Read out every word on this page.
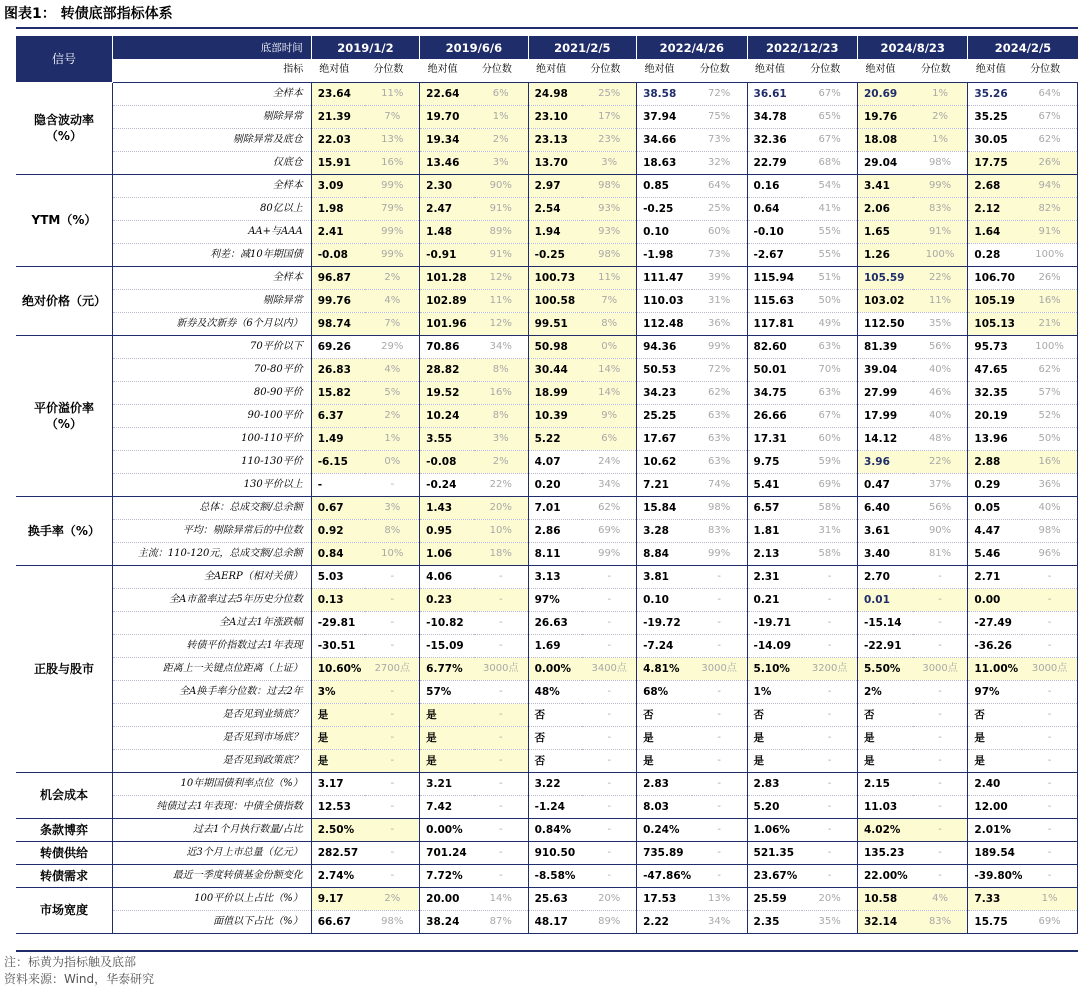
图表1： 转债底部指标体系
信号	底部时间	2019/1/2		2019/6/6		2021/2/5		2022/4/26		2022/12/23		2024/8/23		2024/2/5	
	指标	绝对值	分位数	绝对值	分位数	绝对值	分位数	绝对值	分位数	绝对值	分位数	绝对值	分位数	绝对值	分位数
隐含波动率（%）	全样本	23.64	11%	22.64	6%	24.98	25%	38.58	72%	36.61	67%	20.69	1%	35.26	64%
	剔除异常	21.39	7%	19.70	1%	23.10	17%	37.94	75%	34.78	65%	19.76	2%	35.25	67%
	剔除异常及底仓	22.03	13%	19.34	2%	23.13	23%	34.66	73%	32.36	67%	18.08	1%	30.05	62%
	仅底仓	15.91	16%	13.46	3%	13.70	3%	18.63	32%	22.79	68%	29.04	98%	17.75	26%
YTM（%）	全样本	3.09	99%	2.30	90%	2.97	98%	0.85	64%	0.16	54%	3.41	99%	2.68	94%
	80亿以上	1.98	79%	2.47	91%	2.54	93%	-0.25	25%	0.64	41%	2.06	83%	2.12	82%
	AA+与AAA	2.41	99%	1.48	89%	1.94	93%	0.10	60%	-0.10	55%	1.65	91%	1.64	91%
	利差：减10年期国债	-0.08	99%	-0.91	91%	-0.25	98%	-1.98	73%	-2.67	55%	1.26	100%	0.28	100%
绝对价格（元）	全样本	96.87	2%	101.28	12%	100.73	11%	111.47	39%	115.94	51%	105.59	22%	106.70	26%
	剔除异常	99.76	4%	102.89	11%	100.58	7%	110.03	31%	115.63	50%	103.02	11%	105.19	16%
	新券及次新券（6个月以内）	98.74	7%	101.96	12%	99.51	8%	112.48	36%	117.81	49%	112.50	35%	105.13	21%
平价溢价率（%）	70平价以下	69.26	29%	70.86	34%	50.98	0%	94.36	99%	82.60	63%	81.39	56%	95.73	100%
	70-80平价	26.83	4%	28.82	8%	30.44	14%	50.53	72%	50.01	70%	39.04	40%	47.65	62%
	80-90平价	15.82	5%	19.52	16%	18.99	14%	34.23	62%	34.75	63%	27.99	46%	32.35	57%
	90-100平价	6.37	2%	10.24	8%	10.39	9%	25.25	63%	26.66	67%	17.99	40%	20.19	52%
	100-110平价	1.49	1%	3.55	3%	5.22	6%	17.67	63%	17.31	60%	14.12	48%	13.96	50%
	110-130平价	-6.15	0%	-0.08	2%	4.07	24%	10.62	63%	9.75	59%	3.96	22%	2.88	16%
	130平价以上	-	-	-0.24	22%	0.20	34%	7.21	74%	5.41	69%	0.47	37%	0.29	36%
换手率（%）	总体：总成交额/总余额	0.67	3%	1.43	20%	7.01	62%	15.84	98%	6.57	58%	6.40	56%	0.05	40%
	平均：剔除异常后的中位数	0.92	8%	0.95	10%	2.86	69%	3.28	83%	1.81	31%	3.61	90%	4.47	98%
	主流：110-120元，总成交额/总余额	0.84	10%	1.06	18%	8.11	99%	8.84	99%	2.13	58%	3.40	81%	5.46	96%
正股与股市	全AERP（相对关债）	5.03	-	4.06	-	3.13	-	3.81	-	2.31	-	2.70	-	2.71	-
	全A市盈率过去5年历史分位数	0.13	-	0.23	-	97%	-	0.10	-	0.21	-	0.01	-	0.00	-
	全A过去1年涨跌幅	-29.81	-	-10.82	-	26.63	-	-19.72	-	-19.71	-	-15.14	-	-27.49	-
	转债平价指数过去1年表现	-30.51	-	-15.09	-	1.69	-	-7.24	-	-14.09	-	-22.91	-	-36.26	-
	距离上一关键点位距离（上证）	10.60%	2700点	6.77%	3000点	0.00%	3400点	4.81%	3000点	5.10%	3200点	5.50%	3000点	11.00%	3000点
	全A换手率分位数：过去2年	3%	-	57%	-	48%	-	68%	-	1%	-	2%	-	97%	-
	是否见到业绩底？	是	-	是	-	否	-	否	-	否	-	否	-	否	-
	是否见到市场底？	是	-	是	-	否	-	是	-	是	-	是	-	是	-
	是否见到政策底？	是	-	是	-	否	-	是	-	是	-	是	-	是	-
机会成本	10年期国债利率点位（%）	3.17	-	3.21	-	3.22	-	2.83	-	2.83	-	2.15	-	2.40	-
	纯债过去1年表现：中债全债指数	12.53	-	7.42	-	-1.24	-	8.03	-	5.20	-	11.03	-	12.00	-
条款博弈	过去1个月执行数量/占比	2.50%	-	0.00%	-	0.84%	-	0.24%	-	1.06%	-	4.02%	-	2.01%	-
转债供给	近3个月上市总量（亿元）	282.57	-	701.24	-	910.50	-	735.89	-	521.35	-	135.23	-	189.54	-
转债需求	最近一季度转债基金份额变化	2.74%	-	7.72%	-	-8.58%	-	-47.86%	-	23.67%	-	22.00%	-	-39.80%	-
市场宽度	100平价以上占比（%）	9.17	2%	20.00	14%	25.63	20%	17.53	13%	25.59	20%	10.58	4%	7.33	1%
	面值以下占比（%）	66.67	98%	38.24	87%	48.17	89%	2.22	34%	2.35	35%	32.14	83%	15.75	69%
注：标黄为指标触及底部
资料来源：Wind，华泰研究
